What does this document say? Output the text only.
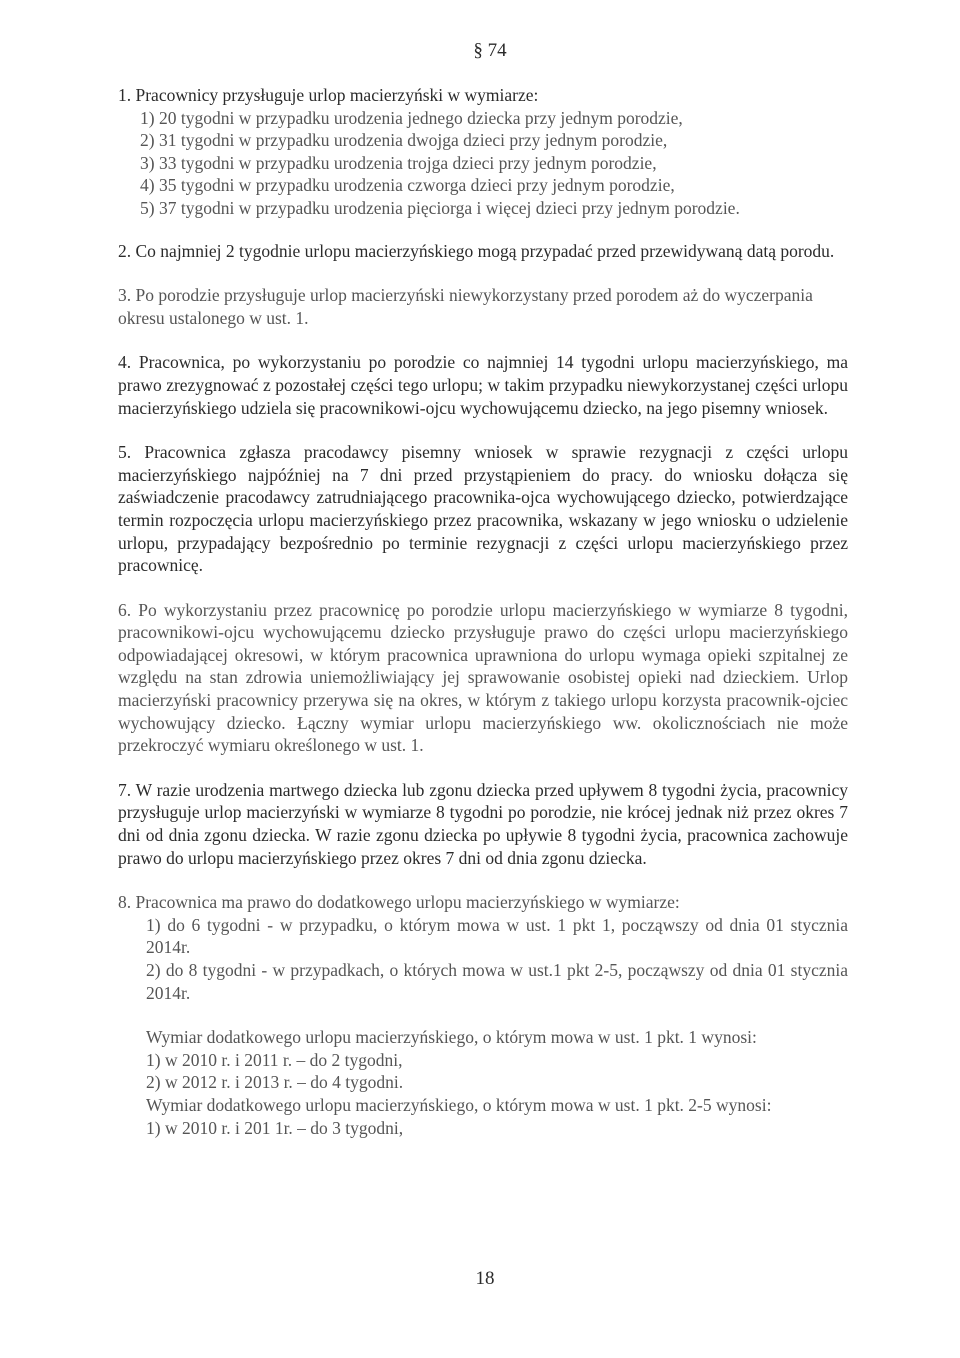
§ 74

1. Pracownicy przysługuje urlop macierzyński w wymiarze:

1) 20 tygodni w przypadku urodzenia jednego dziecka przy jednym porodzie,
2) 31 tygodni w przypadku urodzenia dwojga dzieci przy jednym porodzie,
3) 33 tygodni w przypadku urodzenia trojga dzieci przy jednym porodzie,
4) 35 tygodni w przypadku urodzenia czworga dzieci przy jednym porodzie,
5) 37 tygodni w przypadku urodzenia pięciorga i więcej dzieci przy jednym porodzie.

2. Co najmniej 2 tygodnie urlopu macierzyńskiego mogą przypadać przed przewidywaną datą porodu.

3. Po porodzie przysługuje urlop macierzyński niewykorzystany przed porodem aż do wyczerpania okresu ustalonego w ust. 1.

4. Pracownica, po wykorzystaniu po porodzie co najmniej 14 tygodni urlopu macierzyńskiego, ma prawo zrezygnować z pozostałej części tego urlopu; w takim przypadku niewykorzystanej części urlopu macierzyńskiego udziela się pracownikowi-ojcu wychowującemu dziecko, na jego pisemny wniosek.

5. Pracownica zgłasza pracodawcy pisemny wniosek w sprawie rezygnacji z części urlopu macierzyńskiego najpóźniej na 7 dni przed przystąpieniem do pracy. do wniosku dołącza się zaświadczenie pracodawcy zatrudniającego pracownika-ojca wychowującego dziecko, potwierdzające termin rozpoczęcia urlopu macierzyńskiego przez pracownika, wskazany w jego wniosku o udzielenie urlopu, przypadający bezpośrednio po terminie rezygnacji z części urlopu macierzyńskiego przez pracownicę.

6. Po wykorzystaniu przez pracownicę po porodzie urlopu macierzyńskiego w wymiarze 8 tygodni, pracownikowi-ojcu wychowującemu dziecko przysługuje prawo do części urlopu macierzyńskiego odpowiadającej okresowi, w którym pracownica uprawniona do urlopu wymaga opieki szpitalnej ze względu na stan zdrowia uniemożliwiający jej sprawowanie osobistej opieki nad dzieckiem. Urlop macierzyński pracownicy przerywa się na okres, w którym z takiego urlopu korzysta pracownik-ojciec wychowujący dziecko. Łączny wymiar urlopu macierzyńskiego ww. okolicznościach nie może przekroczyć wymiaru określonego w ust. 1.

7. W razie urodzenia martwego dziecka lub zgonu dziecka przed upływem 8 tygodni życia, pracownicy przysługuje urlop macierzyński w wymiarze 8 tygodni po porodzie, nie krócej jednak niż przez okres 7 dni od dnia zgonu dziecka. W razie zgonu dziecka po upływie 8 tygodni życia, pracownica zachowuje prawo do urlopu macierzyńskiego przez okres 7 dni od dnia zgonu dziecka.

8. Pracownica ma prawo do dodatkowego urlopu macierzyńskiego w wymiarze:

1) do 6 tygodni - w przypadku, o którym mowa w ust. 1 pkt 1, począwszy od dnia 01 stycznia 2014r.
2) do 8 tygodni - w przypadkach, o których mowa w ust.1 pkt 2-5, począwszy od dnia 01 stycznia 2014r.

Wymiar dodatkowego urlopu macierzyńskiego, o którym mowa w ust. 1 pkt. 1 wynosi:

1) w 2010 r. i 2011 r. – do 2 tygodni,
2) w 2012 r. i 2013 r. – do 4 tygodni.

Wymiar dodatkowego urlopu macierzyńskiego, o którym mowa w ust. 1 pkt. 2-5 wynosi:

1) w 2010 r. i 201 1r. – do 3 tygodni,
18
